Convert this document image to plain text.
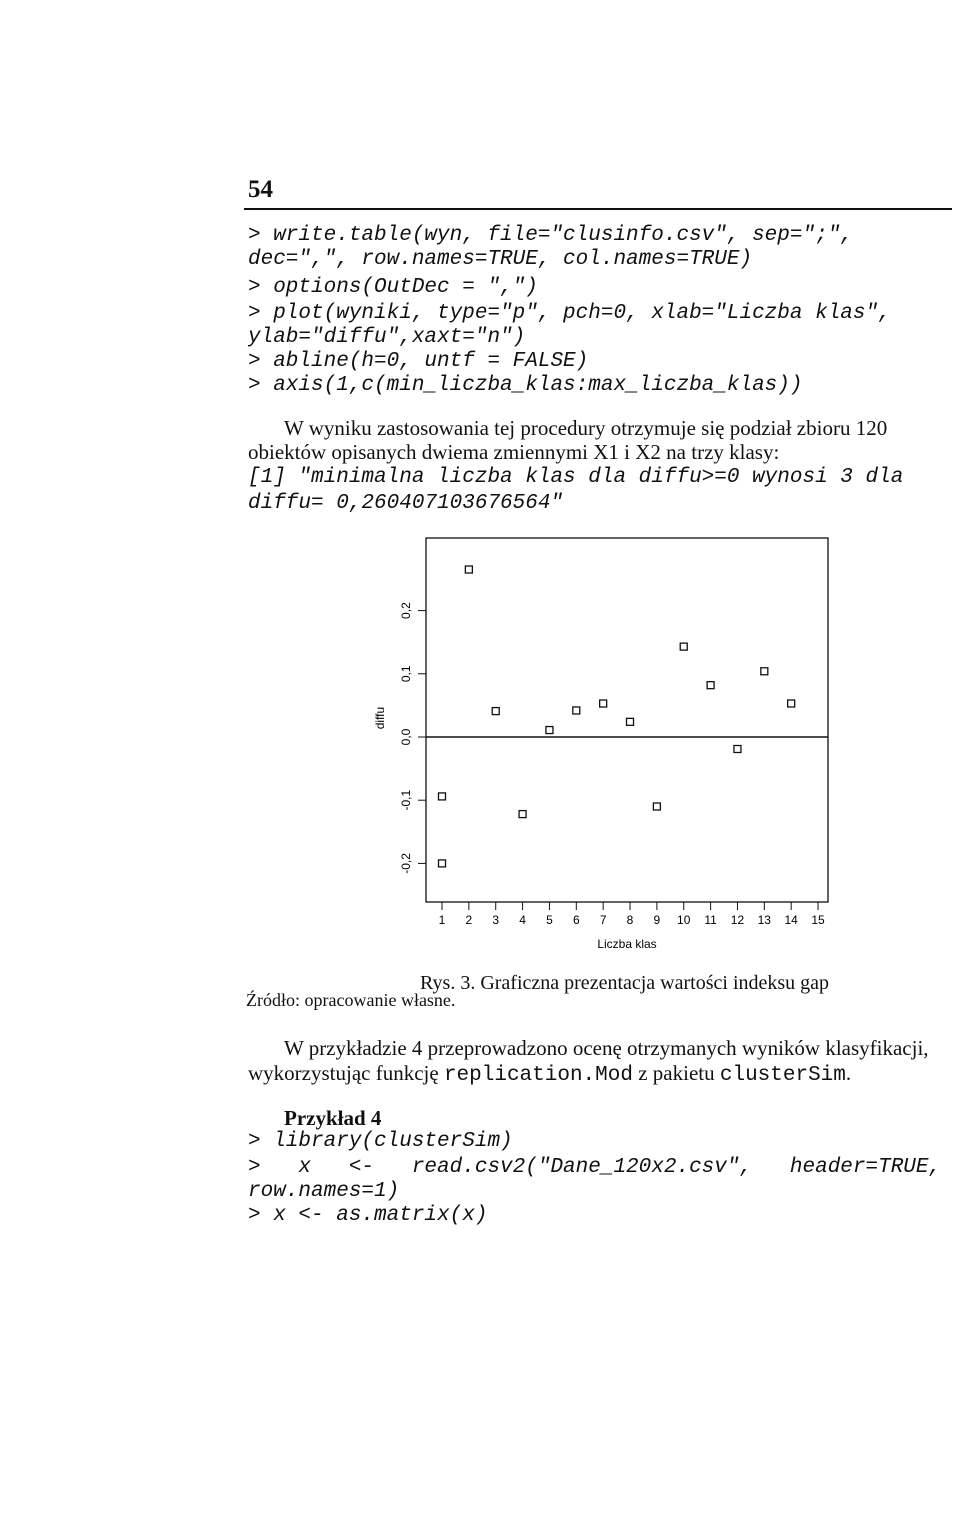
54
> write.table(wyn, file="clusinfo.csv", sep=";",
dec=",", row.names=TRUE, col.names=TRUE)
> options(OutDec = ",")
> plot(wyniki, type="p", pch=0, xlab="Liczba klas",
ylab="diffu",xaxt="n")
> abline(h=0, untf = FALSE)
> axis(1,c(min_liczba_klas:max_liczba_klas))
W wyniku zastosowania tej procedury otrzymuje się podział zbioru 120 obiektów opisanych dwiema zmiennymi X1 i X2 na trzy klasy:
[1] "minimalna liczba klas dla diffu>=0 wynosi 3 dla
diffu= 0,260407103676564"
-0,2
-0,1
0,0
0,1
0,2
diffu
1 2 3 4 5 6 7 8 9 10 11 12 13 14 15
Liczba klas
Rys. 3. Graficzna prezentacja wartości indeksu gap
Źródło: opracowanie własne.
W przykładzie 4 przeprowadzono ocenę otrzymanych wyników klasyfikacji,
wykorzystując funkcję replication.Mod z pakietu clusterSim.
Przykład 4
> library(clusterSim)
>   x   <-   read.csv2("Dane_120x2.csv",   header=TRUE,
row.names=1)
> x <- as.matrix(x)
